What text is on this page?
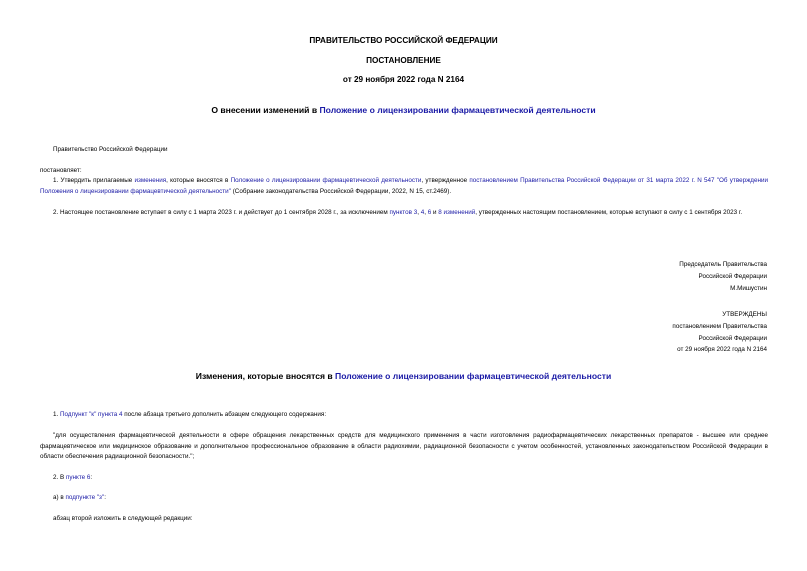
ПРАВИТЕЛЬСТВО РОССИЙСКОЙ ФЕДЕРАЦИИ
ПОСТАНОВЛЕНИЕ
от 29 ноября 2022 года N 2164
О внесении изменений в Положение о лицензировании фармацевтической деятельности
Правительство Российской Федерации
постановляет:
1. Утвердить прилагаемые изменения, которые вносятся в Положение о лицензировании фармацевтической деятельности, утвержденное постановлением Правительства Российской Федерации от 31 марта 2022 г. N 547 "Об утверждении Положения о лицензировании фармацевтической деятельности" (Собрание законодательства Российской Федерации, 2022, N 15, ст.2469).
2. Настоящее постановление вступает в силу с 1 марта 2023 г. и действует до 1 сентября 2028 г., за исключением пунктов 3, 4, 6 и 8 изменений, утвержденных настоящим постановлением, которые вступают в силу с 1 сентября 2023 г.
Председатель Правительства
Российской Федерации
М.Мишустин
УТВЕРЖДЕНЫ
постановлением Правительства
Российской Федерации
от 29 ноября 2022 года N 2164
Изменения, которые вносятся в Положение о лицензировании фармацевтической деятельности
1. Подпункт "к" пункта 4 после абзаца третьего дополнить абзацем следующего содержания:
"для осуществления фармацевтической деятельности в сфере обращения лекарственных средств для медицинского применения в части изготовления радиофармацевтических лекарственных препаратов - высшее или среднее фармацевтическое или медицинское образование и дополнительное профессиональное образование в области радиохимии, радиационной безопасности с учетом особенностей, установленных законодательством Российской Федерации в области обеспечения радиационной безопасности.";
2. В пункте 6:
а) в подпункте "з":
абзац второй изложить в следующей редакции:
